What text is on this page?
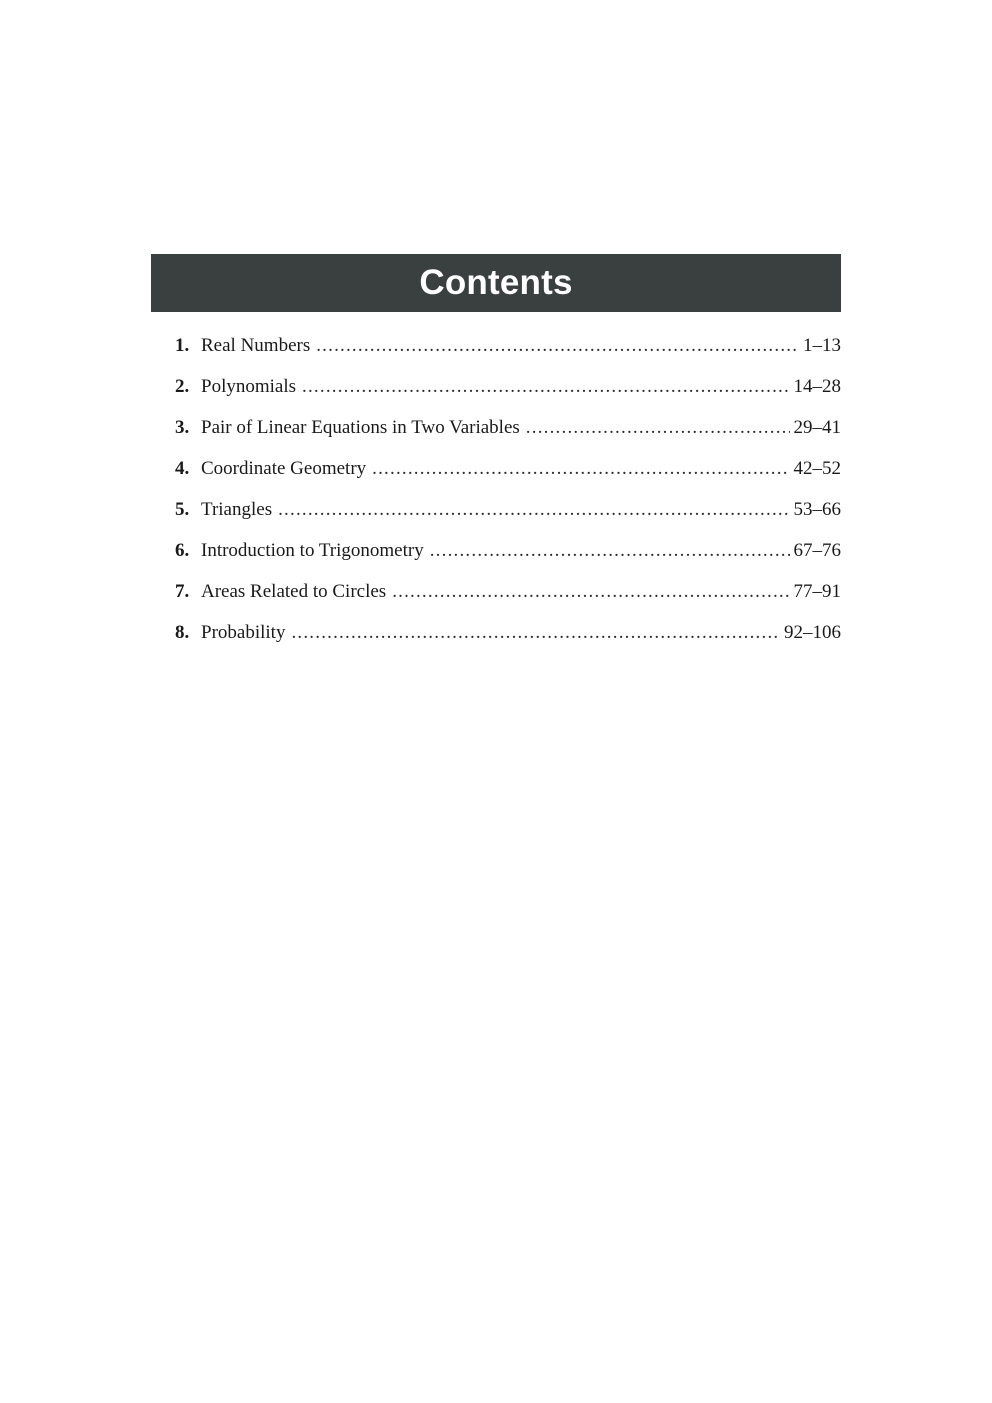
Contents
1. Real Numbers .....	1–13
2. Polynomials .....	14–28
3. Pair of Linear Equations in Two Variables .....	29–41
4. Coordinate Geometry .....	42–52
5. Triangles .....	53–66
6. Introduction to Trigonometry .....	67–76
7. Areas Related to Circles .....	77–91
8. Probability .....	92–106
